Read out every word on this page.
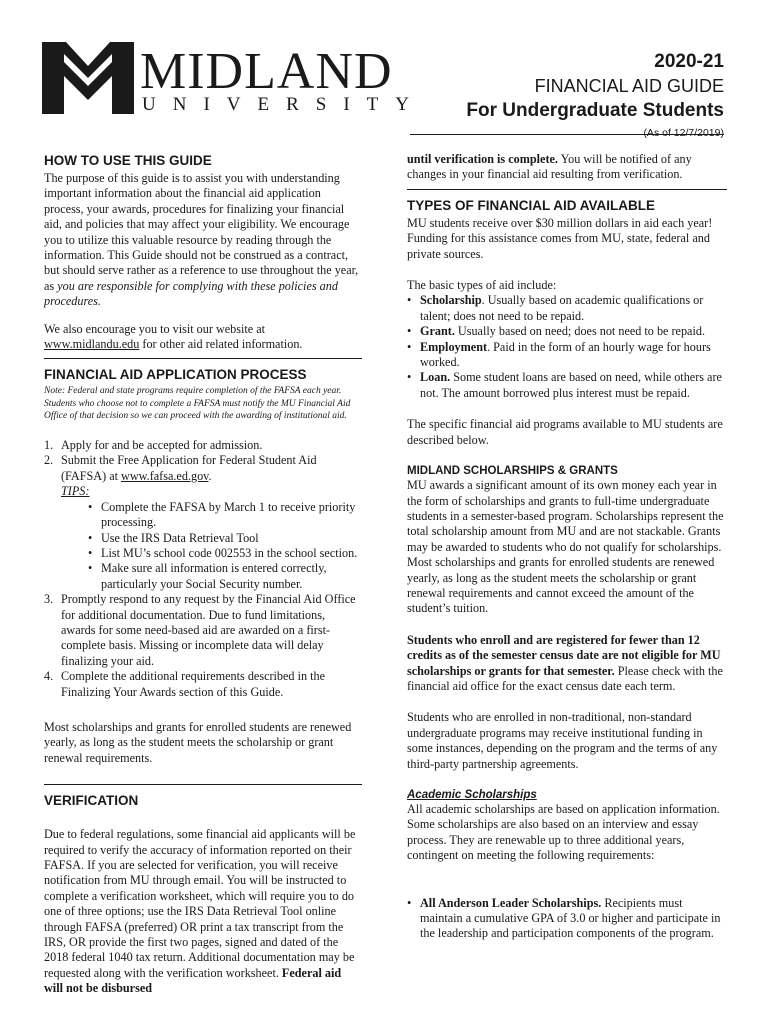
MIDLAND
UNIVERSITY
2020-21
FINANCIAL AID GUIDE
For Undergraduate Students
(As of 12/7/2019)
HOW TO USE THIS GUIDE

The purpose of this guide is to assist you with understanding important information about the financial aid application process, your awards, procedures for finalizing your financial aid, and policies that may affect your eligibility. We encourage you to utilize this valuable resource by reading through the information. This Guide should not be construed as a contract, but should serve rather as a reference to use throughout the year, as you are responsible for complying with these policies and procedures.

We also encourage you to visit our website at www.midlandu.edu for other aid related information.

FINANCIAL AID APPLICATION PROCESS

Note: Federal and state programs require completion of the FAFSA each year. Students who choose not to complete a FAFSA must notify the MU Financial Aid Office of that decision so we can proceed with the awarding of institutional aid.

1. Apply for and be accepted for admission.
2. Submit the Free Application for Federal Student Aid (FAFSA) at www.fafsa.ed.gov.
TIPS:
• Complete the FAFSA by March 1 to receive priority processing.
• Use the IRS Data Retrieval Tool
• List MU’s school code 002553 in the school section.
• Make sure all information is entered correctly, particularly your Social Security number.
3. Promptly respond to any request by the Financial Aid Office for additional documentation. Due to fund limitations, awards for some need-based aid are awarded on a first-complete basis. Missing or incomplete data will delay finalizing your aid.
4. Complete the additional requirements described in the Finalizing Your Awards section of this Guide.

Most scholarships and grants for enrolled students are renewed yearly, as long as the student meets the scholarship or grant renewal requirements.

VERIFICATION

Due to federal regulations, some financial aid applicants will be required to verify the accuracy of information reported on their FAFSA. If you are selected for verification, you will receive notification from MU through email. You will be instructed to complete a verification worksheet, which will require you to do one of three options; use the IRS Data Retrieval Tool online through FAFSA (preferred) OR print a tax transcript from the IRS, OR provide the first two pages, signed and dated of the 2018 federal 1040 tax return. Additional documentation may be requested along with the verification worksheet. Federal aid will not be disbursed

until verification is complete. You will be notified of any changes in your financial aid resulting from verification.

TYPES OF FINANCIAL AID AVAILABLE

MU students receive over $30 million dollars in aid each year! Funding for this assistance comes from MU, state, federal and private sources.

The basic types of aid include:

• Scholarship. Usually based on academic qualifications or talent; does not need to be repaid.
• Grant. Usually based on need; does not need to be repaid.
• Employment. Paid in the form of an hourly wage for hours worked.
• Loan. Some student loans are based on need, while others are not. The amount borrowed plus interest must be repaid.

The specific financial aid programs available to MU students are described below.

MIDLAND SCHOLARSHIPS & GRANTS

MU awards a significant amount of its own money each year in the form of scholarships and grants to full-time undergraduate students in a semester-based program. Scholarships represent the total scholarship amount from MU and are not stackable. Grants may be awarded to students who do not qualify for scholarships. Most scholarships and grants for enrolled students are renewed yearly, as long as the student meets the scholarship or grant renewal requirements and cannot exceed the amount of the student’s tuition.

Students who enroll and are registered for fewer than 12 credits as of the semester census date are not eligible for MU scholarships or grants for that semester. Please check with the financial aid office for the exact census date each term.

Students who are enrolled in non-traditional, non-standard undergraduate programs may receive institutional funding in some instances, depending on the program and the terms of any third-party partnership agreements.

Academic Scholarships

All academic scholarships are based on application information. Some scholarships are also based on an interview and essay process. They are renewable up to three additional years, contingent on meeting the following requirements:

• All Anderson Leader Scholarships. Recipients must maintain a cumulative GPA of 3.0 or higher and participate in the leadership and participation components of the program.
